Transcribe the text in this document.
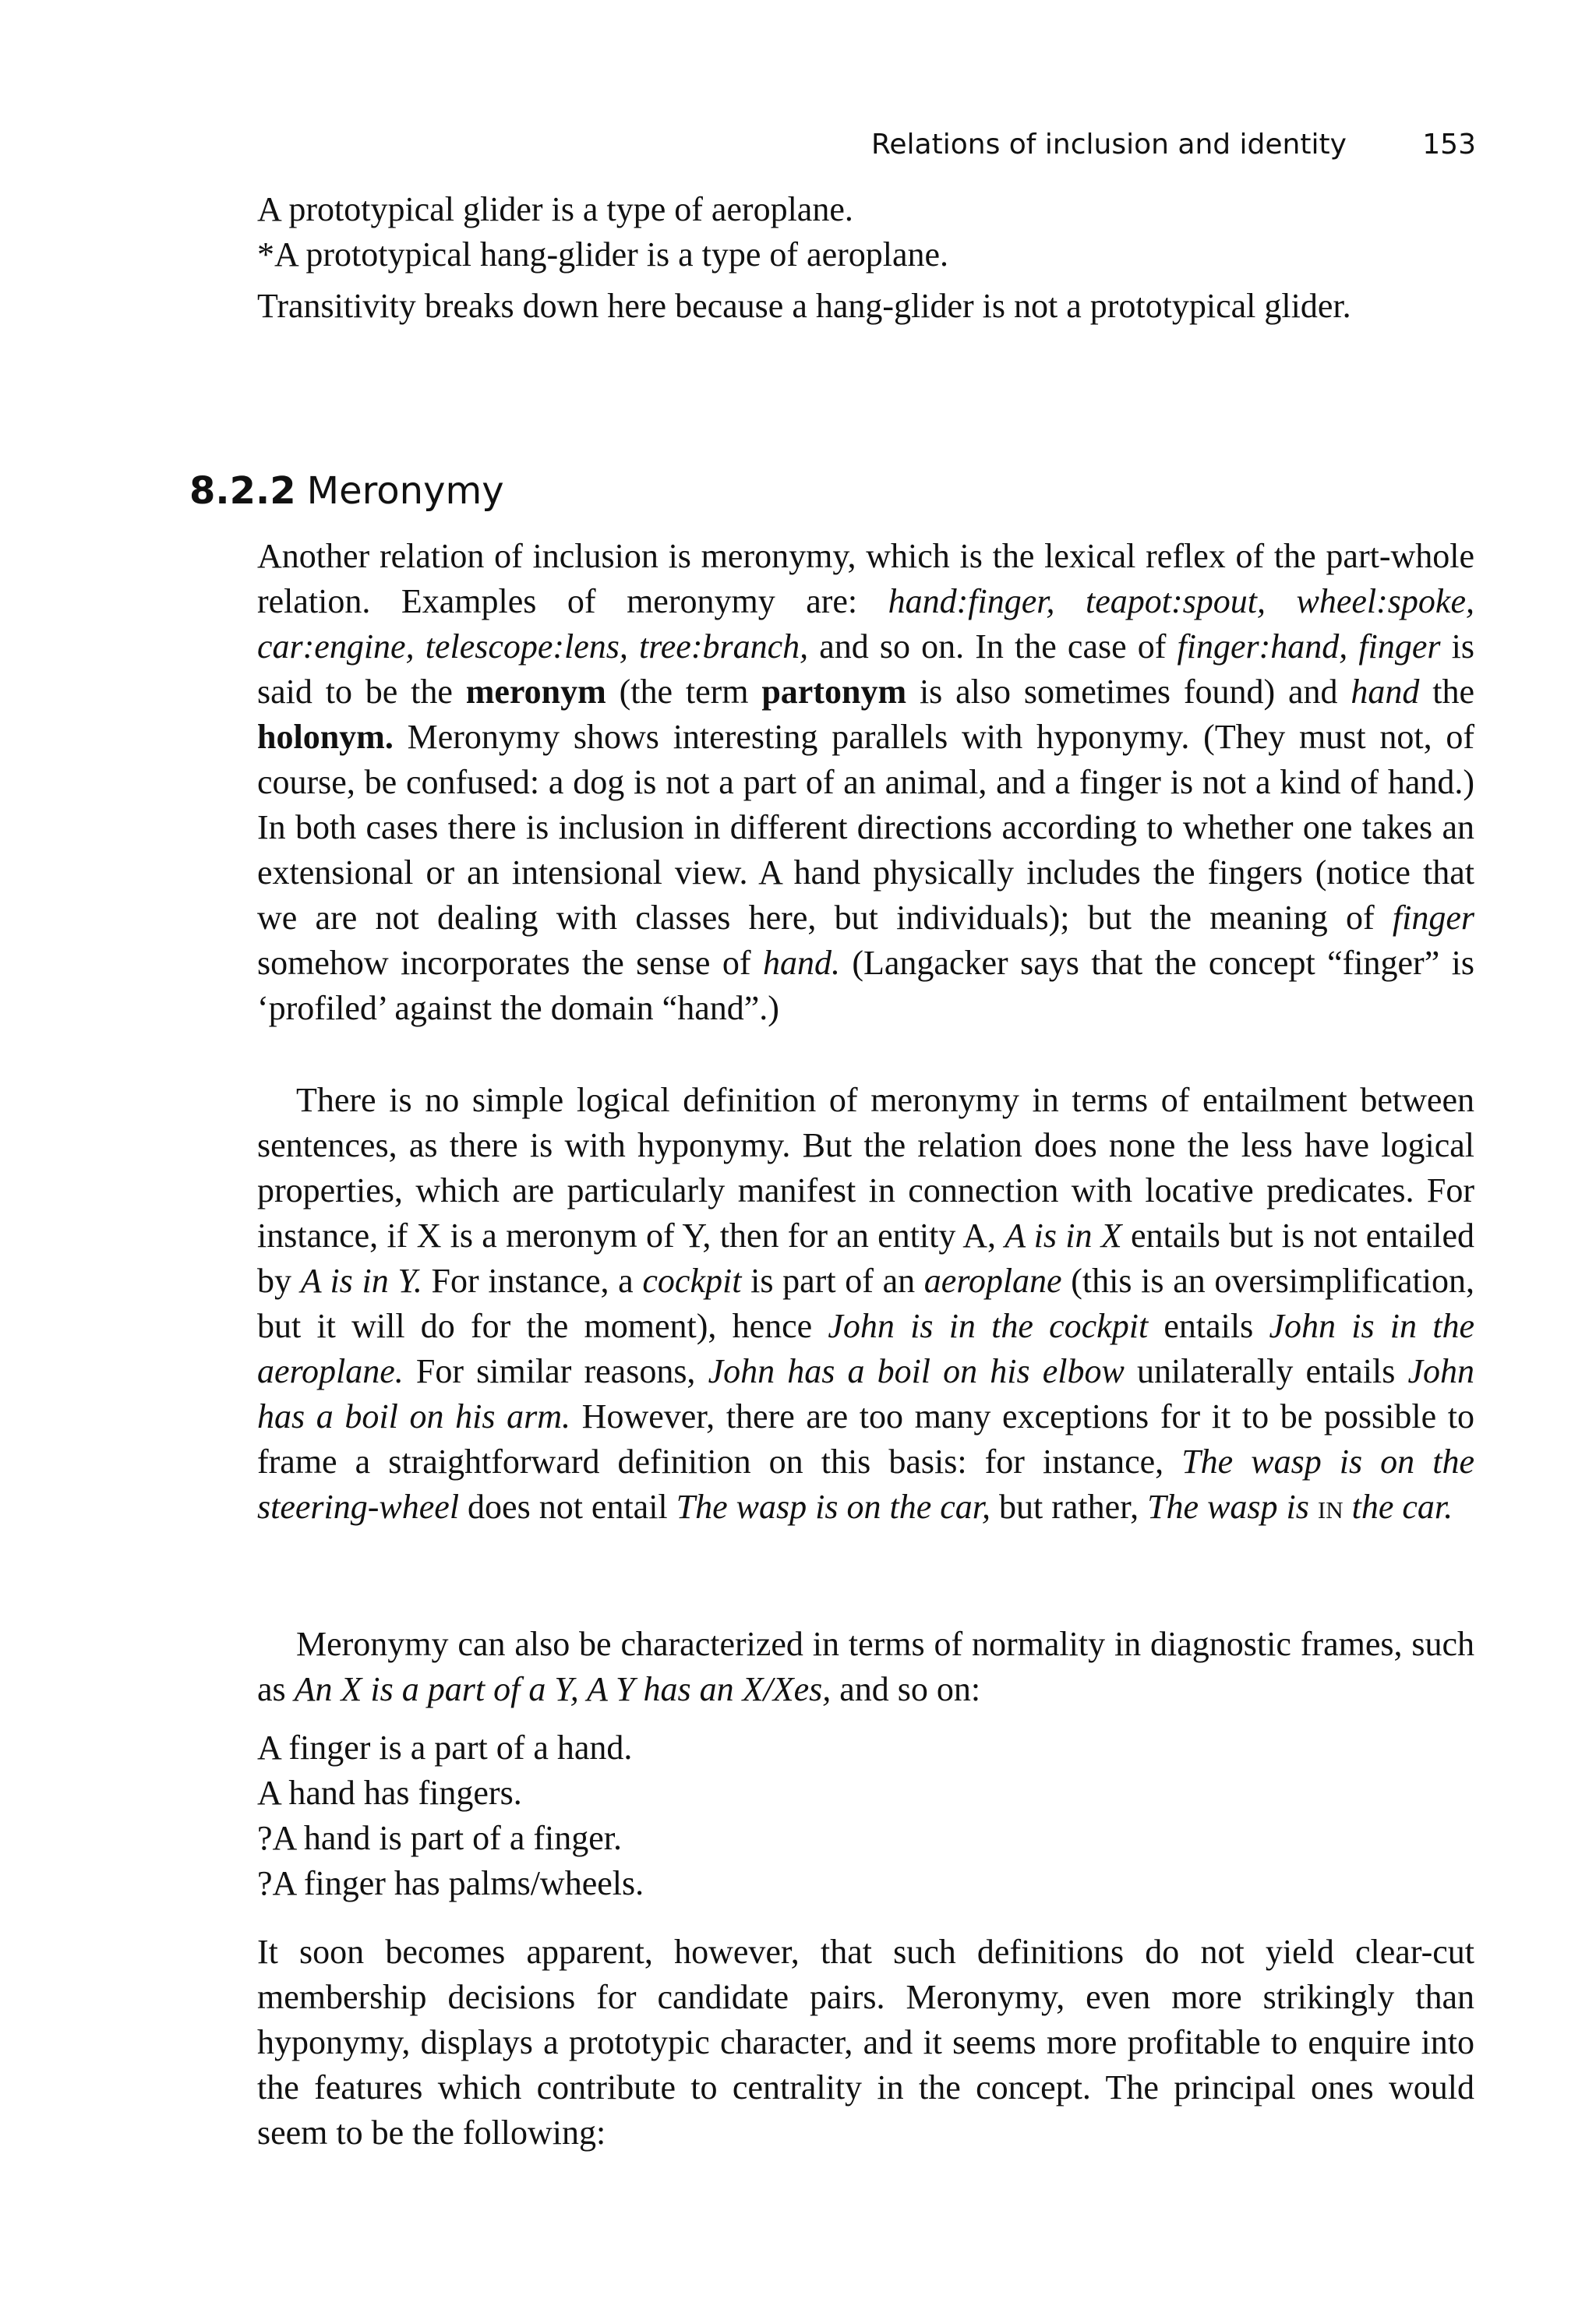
Relations of inclusion and identity	153
A prototypical glider is a type of aeroplane.
*A prototypical hang-glider is a type of aeroplane.

Transitivity breaks down here because a hang-glider is not a prototypical glider.

8.2.2 Meronymy

Another relation of inclusion is meronymy, which is the lexical reflex of the part-whole relation. Examples of meronymy are: hand:finger, teapot:spout, wheel:spoke, car:engine, telescope:lens, tree:branch, and so on. In the case of finger:hand, finger is said to be the meronym (the term partonym is also sometimes found) and hand the holonym. Meronymy shows interesting parallels with hyponymy. (They must not, of course, be confused: a dog is not a part of an animal, and a finger is not a kind of hand.) In both cases there is inclusion in different directions according to whether one takes an extensional or an intensional view. A hand physically includes the fingers (notice that we are not dealing with classes here, but individuals); but the meaning of finger somehow incorporates the sense of hand. (Langacker says that the concept “finger” is ‘profiled’ against the domain “hand”.)

There is no simple logical definition of meronymy in terms of entailment between sentences, as there is with hyponymy. But the relation does none the less have logical properties, which are particularly manifest in connection with locative predicates. For instance, if X is a meronym of Y, then for an entity A, A is in X entails but is not entailed by A is in Y. For instance, a cockpit is part of an aeroplane (this is an oversimplification, but it will do for the moment), hence John is in the cockpit entails John is in the aeroplane. For similar reasons, John has a boil on his elbow unilaterally entails John has a boil on his arm. However, there are too many exceptions for it to be possible to frame a straightforward definition on this basis: for instance, The wasp is on the steering-wheel does not entail The wasp is on the car, but rather, The wasp is in the car.

Meronymy can also be characterized in terms of normality in diagnostic frames, such as An X is a part of a Y, A Y has an X/Xes, and so on:

A finger is a part of a hand.
A hand has fingers.
?A hand is part of a finger.
?A finger has palms/wheels.

It soon becomes apparent, however, that such definitions do not yield clear-cut membership decisions for candidate pairs. Meronymy, even more strikingly than hyponymy, displays a prototypic character, and it seems more profitable to enquire into the features which contribute to centrality in the concept. The principal ones would seem to be the following:
